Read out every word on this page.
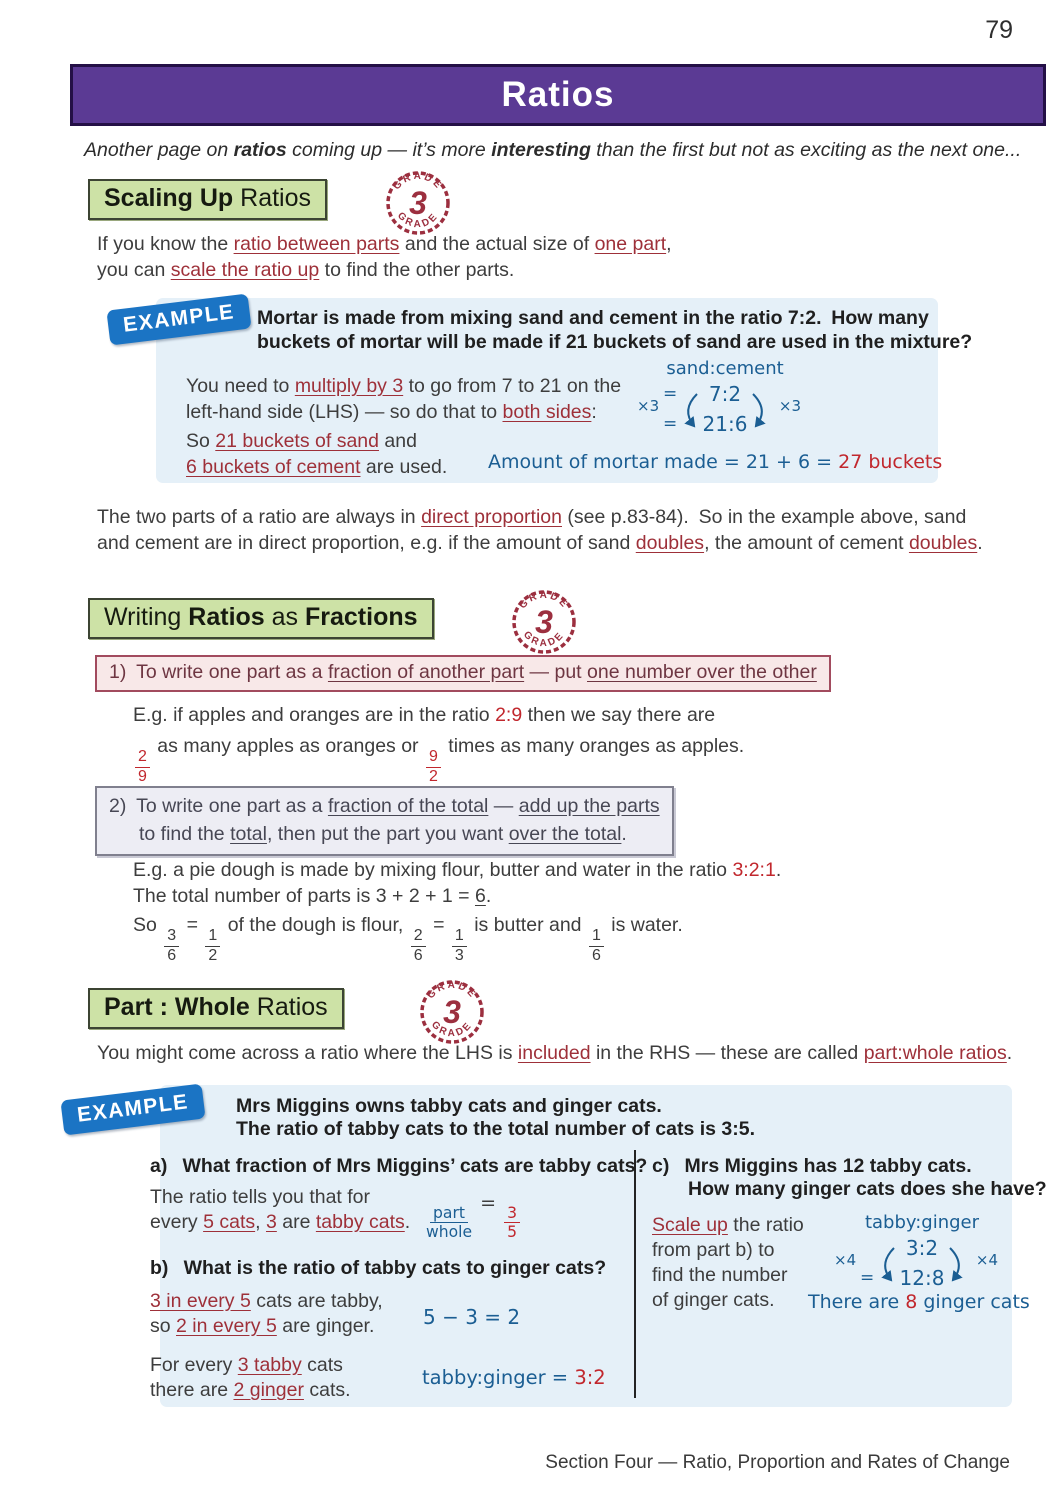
79
Ratios
Another page on ratios coming up — it’s more interesting than the first but not as exciting as the next one...
Scaling Up Ratios	GRADE
GRADE
3
If you know the ratio between parts and the actual size of one part,
you can scale the ratio up to find the other parts.
EXAMPLE	Mortar is made from mixing sand and cement in the ratio 7:2. How many
buckets of mortar will be made if 21 buckets of sand are used in the mixture?
You need to multiply by 3 to go from 7 to 21 on the
left-hand side (LHS) — so do that to both sides:
So 21 buckets of sand and
6 buckets of cement are used.
sand:cement
=
×3
=
7:2
21:6
×3
Amount of mortar made = 21 + 6 = 27 buckets
The two parts of a ratio are always in direct proportion (see p.83-84). So in the example above, sand
and cement are in direct proportion, e.g. if the amount of sand doubles, the amount of cement doubles.
Writing Ratios as Fractions	GRADE
GRADE
3
1) To write one part as a fraction of another part — put one number over the other
E.g. if apples and oranges are in the ratio 2:9 then we say there are
$\frac{2}{9}$
as many apples as oranges or
$\frac{9}{2}$
times as many oranges as apples.
2) To write one part as a fraction of the total — add up the parts
to find the total, then put the part you want over the total.
E.g. a pie dough is made by mixing flour, butter and water in the ratio 3:2:1.
The total number of parts is 3 + 2 + 1 = 6.
So
$\frac{3}{6}$
=
$\frac{1}{2}$
of the dough is flour,
$\frac{2}{6}$
=
$\frac{1}{3}$
is butter and
$\frac{1}{6}$
is water.
Part : Whole Ratios	GRADE
GRADE
3
You might come across a ratio where the LHS is included in the RHS — these are called part:whole ratios.
EXAMPLE	Mrs Miggins owns tabby cats and ginger cats.
The ratio of tabby cats to the total number of cats is 3:5.
a)  What fraction of Mrs Miggins’ cats are tabby cats?
The ratio tells you that for
every 5 cats, 3 are tabby cats. $\frac{\text{part}}{\text{whole}}$
=
$\frac{3}{5}$
b)  What is the ratio of tabby cats to ginger cats?
3 in every 5 cats are tabby,
so 2 in every 5 are ginger. 5 − 3 = 2
For every 3 tabby cats
there are 2 ginger cats.
tabby:ginger = 3:2
c)  Mrs Miggins has 12 tabby cats.
How many ginger cats does she have?
Scale up the ratio
from part b) to
find the number
of ginger cats.
tabby:ginger
×4
=
3:2
12:8
×4
There are 8 ginger cats
Section Four — Ratio, Proportion and Rates of Change
